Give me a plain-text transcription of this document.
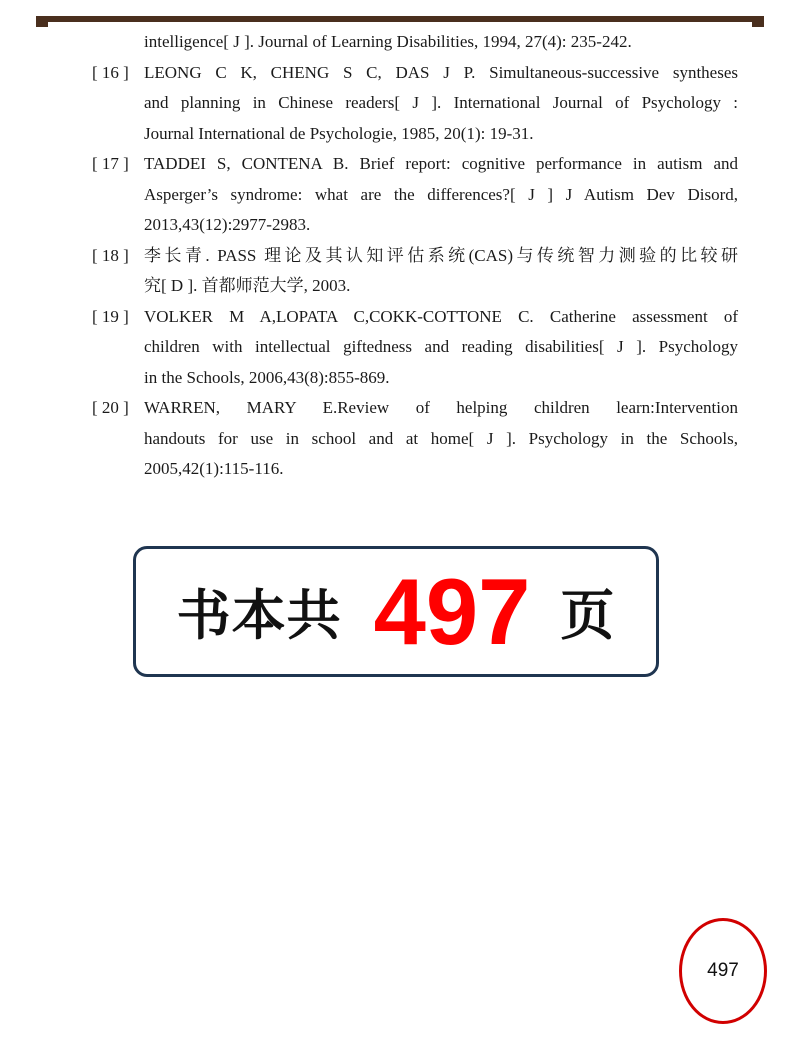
intelligence[ J ]. Journal of Learning Disabilities, 1994, 27(4): 235-242.
[ 16 ] LEONG C K, CHENG S C, DAS J P. Simultaneous-successive syntheses
and planning in Chinese readers[ J ]. International Journal of Psychology :
Journal International de Psychologie, 1985, 20(1): 19-31.
[ 17 ] TADDEI S, CONTENA B. Brief report: cognitive performance in autism and
Asperger’s syndrome: what are the differences?[ J ] J Autism Dev Disord,
2013,43(12):2977-2983.
[ 18 ] 李长青. PASS 理论及其认知评估系统(CAS)与传统智力测验的比较研
究[ D ]. 首都师范大学, 2003.
[ 19 ] VOLKER M A,LOPATA C,COKK-COTTONE C. Catherine assessment of
children with intellectual giftedness and reading disabilities[ J ]. Psychology
in the Schools, 2006,43(8):855-869.
[ 20 ] WARREN, MARY E.Review of helping children learn:Intervention
handouts for use in school and at home[ J ]. Psychology in the Schools,
2005,42(1):115-116.
书本共 497 页
497
